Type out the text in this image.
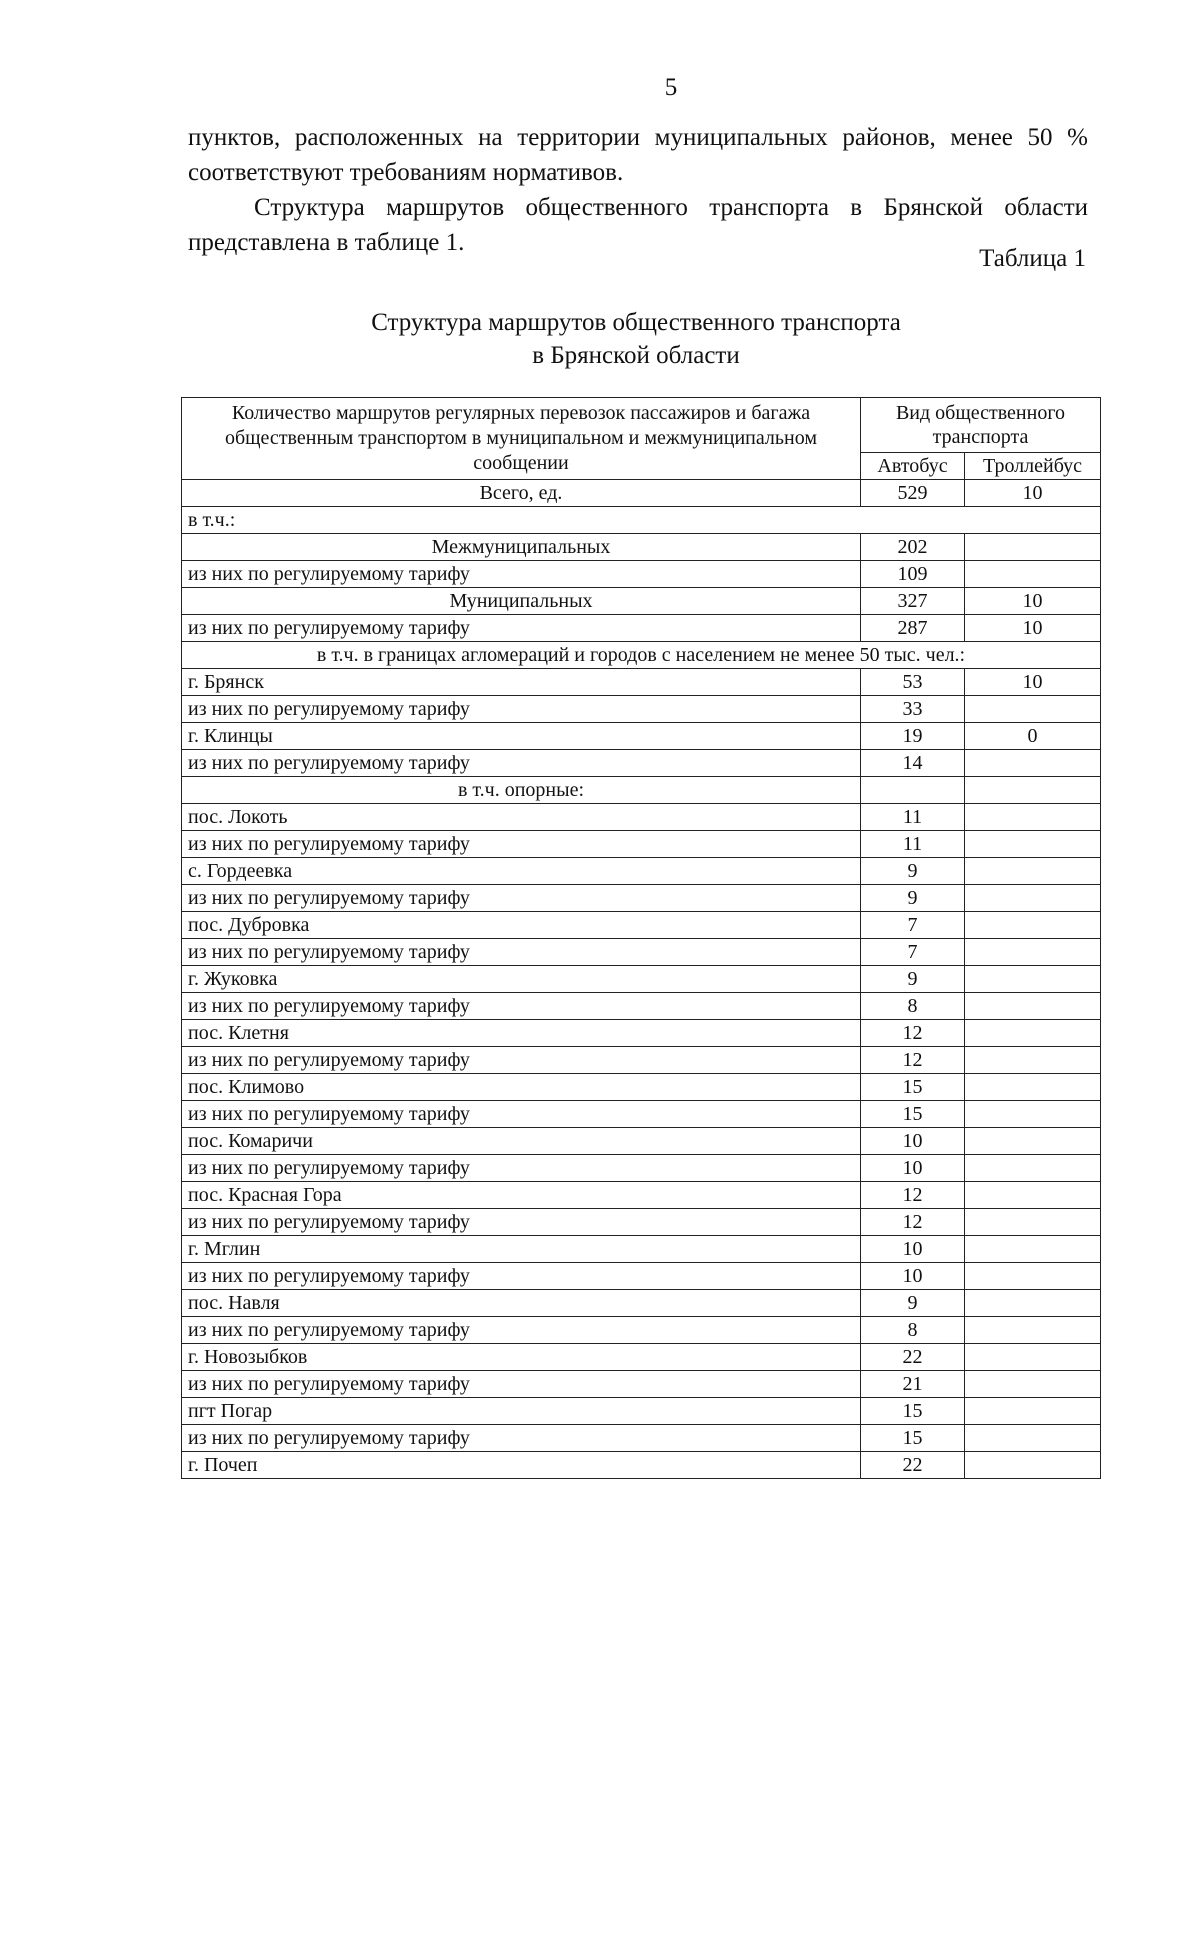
5

пунктов, расположенных на территории муниципальных районов, менее 50 % соответствуют требованиям нормативов.

Структура маршрутов общественного транспорта в Брянской области представлена в таблице 1.

Таблица 1
Структура маршрутов общественного транспорта
в Брянской области
Количество маршрутов регулярных перевозок пассажиров и багажа общественным транспортом в муниципальном и межмуниципальном сообщении	Вид общественного транспорта	
	Автобус	Троллейбус
Всего, ед.	529	10
в т.ч.:		
Межмуниципальных	202	
из них по регулируемому тарифу	109	
Муниципальных	327	10
из них по регулируемому тарифу	287	10
в т.ч. в границах агломераций и городов с населением не менее 50 тыс. чел.:		
г. Брянск	53	10
из них по регулируемому тарифу	33	
г. Клинцы	19	0
из них по регулируемому тарифу	14	
в т.ч. опорные:		
пос. Локоть	11	
из них по регулируемому тарифу	11	
с. Гордеевка	9	
из них по регулируемому тарифу	9	
пос. Дубровка	7	
из них по регулируемому тарифу	7	
г. Жуковка	9	
из них по регулируемому тарифу	8	
пос. Клетня	12	
из них по регулируемому тарифу	12	
пос. Климово	15	
из них по регулируемому тарифу	15	
пос. Комаричи	10	
из них по регулируемому тарифу	10	
пос. Красная Гора	12	
из них по регулируемому тарифу	12	
г. Мглин	10	
из них по регулируемому тарифу	10	
пос. Навля	9	
из них по регулируемому тарифу	8	
г. Новозыбков	22	
из них по регулируемому тарифу	21	
пгт Погар	15	
из них по регулируемому тарифу	15	
г. Почеп	22	
